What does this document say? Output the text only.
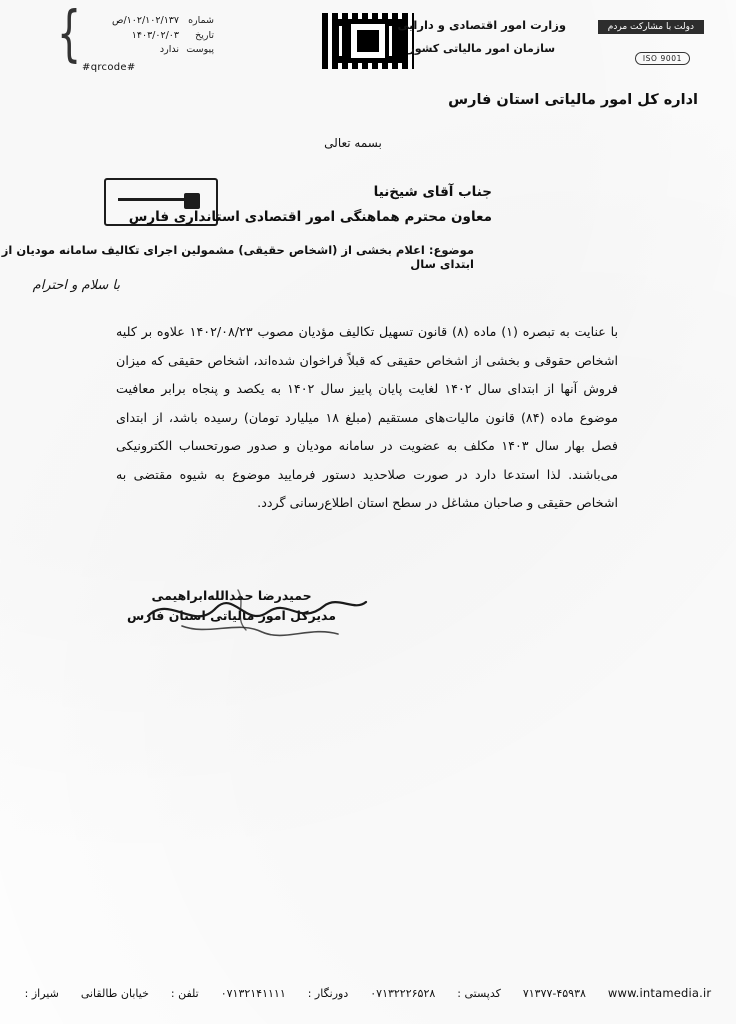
}	شماره
۱۰۲/۱۰۲/۱۳۷/ص
تاریخ
۱۴۰۳/۰۲/۰۳
پیوست
ندارد
#qrcode#
وزارت امور اقتصادی و دارایی
سازمان امور مالیاتی کشور
دولت با مشارکت مردم
ISO 9001
اداره کل امور مالیاتی استان فارس
بسمه تعالی
جناب آقای شیخ‌نیا
معاون محترم هماهنگی امور اقتصادی استانداری فارس
موضوع: اعلام بخشی از (اشخاص حقیقی) مشمولین اجرای تکالیف سامانه مودیان از ابتدای سال
با سلام و احترام
با عنایت به تبصره (۱) ماده (۸) قانون تسهیل تکالیف مؤدیان مصوب ۱۴۰۲/۰۸/۲۳ علاوه بر کلیه اشخاص حقوقی و بخشی از اشخاص حقیقی که قبلاً فراخوان شده‌اند، اشخاص حقیقی که میزان فروش آنها از ابتدای سال ۱۴۰۲ لغایت پایان پاییز سال ۱۴۰۲ به یکصد و پنجاه برابر معافیت موضوع ماده (۸۴) قانون مالیات‌های مستقیم (مبلغ ۱۸ میلیارد تومان) رسیده باشد، از ابتدای فصل بهار سال ۱۴۰۳ مکلف به عضویت در سامانه مودیان و صدور صورتحساب الکترونیکی می‌باشند. لذا استدعا دارد در صورت صلاحدید دستور فرمایید موضوع به شیوه مقتضی به اشخاص حقیقی و صاحبان مشاغل در سطح استان اطلاع‌رسانی گردد.
حمیدرضا حمدالله‌ابراهیمی
مدیرکل امور مالیاتی استان فارس
www.intamedia.ir
۷۱۳۷۷-۴۵۹۳۸
کدپستی :
۰۷۱۳۲۲۲۶۵۲۸
دورنگار :
۰۷۱۳۲۱۴۱۱۱۱
تلفن :
خیابان طالقانی
شیراز :
